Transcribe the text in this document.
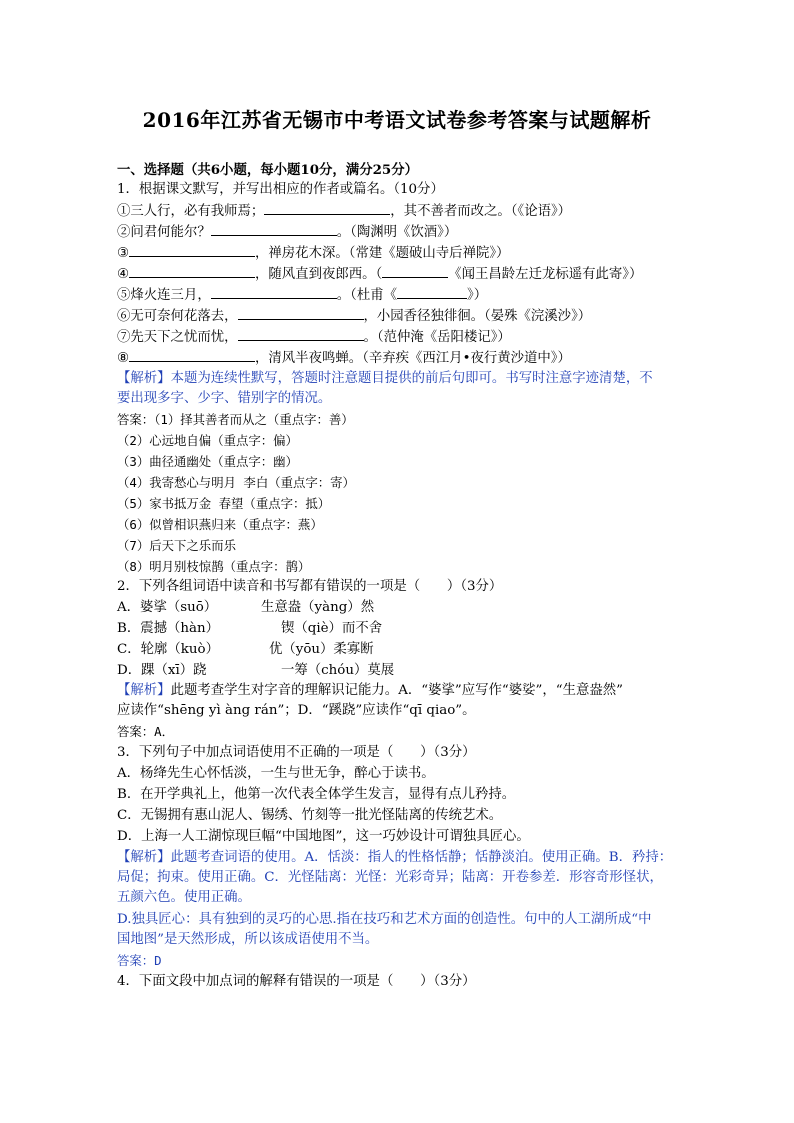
2016年江苏省无锡市中考语文试卷参考答案与试题解析
一、选择题（共6小题，每小题10分，满分25分）
1．根据课文默写，并写出相应的作者或篇名。（10分）
①三人行，必有我师焉；	，其不善者而改之。（《论语》）
②问君何能尔？	。（陶渊明《饮酒》）
③	，禅房花木深。（常建《题破山寺后禅院》）
④	，随风直到夜郎西。（	《闻王昌龄左迁龙标遥有此寄》）
⑤烽火连三月，	。（杜甫《	》）
⑥无可奈何花落去，	，小园香径独徘徊。（晏殊《浣溪沙》）
⑦先天下之忧而忧，	。（范仲淹《岳阳楼记》）
⑧	，清风半夜鸣蝉。（辛弃疾《西江月•夜行黄沙道中》）
【解析】本题为连续性默写，答题时注意题目提供的前后句即可。书写时注意字迹清楚，不
要出现多字、少字、错别字的情况。
答案：（1）择其善者而从之（重点字：善）
（2）心远地自偏（重点字：偏）
（3）曲径通幽处（重点字：幽）
（4）我寄愁心与明月 李白（重点字：寄）
（5）家书抵万金 春望（重点字：抵）
（6）似曾相识燕归来（重点字：燕）
（7）后天下之乐而乐
（8）明月别枝惊鹊（重点字：鹊）
2．下列各组词语中读音和书写都有错误的一项是（　　）（3分）
A．婆挲（suō）	生意盎（yàng）然
B．震撼（hàn）	锲（qiè）而不舍
C．轮廓（kuò）	优（yōu）柔寡断
D．踝（xī）跷	一筹（chóu）莫展
【解析】此题考查学生对字音的理解识记能力。A．“婆挲”应写作“婆娑”，“生意盎然”
应读作“shēng yì àng rán”；D．“蹊跷”应读作“qī qiao”。
答案：A．
3．下列句子中加点词语使用不正确的一项是（　　）（3分）
A．杨绛先生心怀恬淡，一生与世无争，醉心于读书。
B．在开学典礼上，他第一次代表全体学生发言，显得有点儿矜持。
C．无锡拥有惠山泥人、锡绣、竹刻等一批光怪陆离的传统艺术。
D．上海一人工湖惊现巨幅“中国地图”，这一巧妙设计可谓独具匠心。
【解析】此题考查词语的使用。A．恬淡：指人的性格恬静；恬静淡泊。使用正确。B．矜持：
局促；拘束。使用正确。C．光怪陆离：光怪：光彩奇异；陆离：开卷参差．形容奇形怪状，
五颜六色。使用正确。
D.独具匠心：具有独到的灵巧的心思.指在技巧和艺术方面的创造性。句中的人工湖所成“中
国地图”是天然形成，所以该成语使用不当。
答案：D
4．下面文段中加点词的解释有错误的一项是（　　）（3分）
